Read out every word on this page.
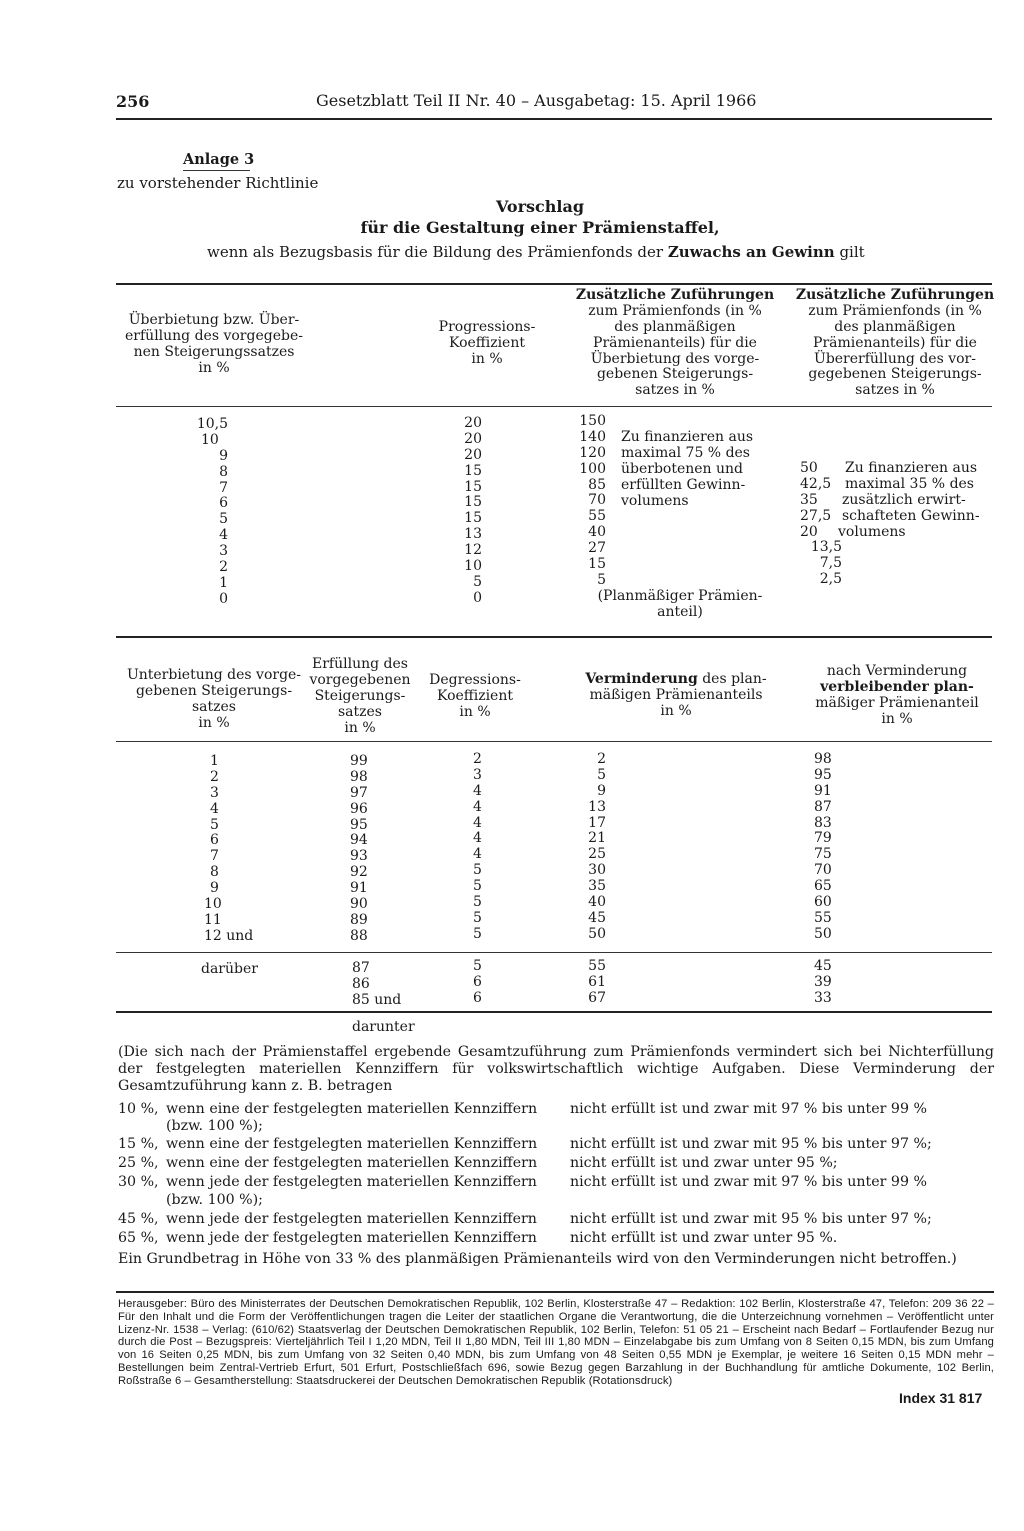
256	Gesetzblatt Teil II Nr. 40 – Ausgabetag: 15. April 1966
Anlage 3
zu vorstehender Richtlinie
Vorschlag
für die Gestaltung einer Prämienstaffel,
wenn als Bezugsbasis für die Bildung des Prämienfonds der Zuwachs an Gewinn gilt
Überbietung bzw. Über-
erfüllung des vorgegebe-
nen Steigerungssatzes
in %
Progressions-
Koeffizient
in %
Zusätzliche Zuführungen
zum Prämienfonds (in %
des planmäßigen
Prämienanteils) für die
Überbietung des vorge-
gebenen Steigerungs-
satzes in %
Zusätzliche Zuführungen
zum Prämienfonds (in %
des planmäßigen
Prämienanteils) für die
Übererfüllung des vor-
gegebenen Steigerungs-
satzes in %
10,5
10
9
8
7
6
5
4
3
2
1
0
20
20
20
15
15
15
15
13
12
10
5
0
150
140
120
100
85
70
55
40
27
15
5
Zu finanzieren aus
maximal 75 % des
überbotenen und
erfüllten Gewinn-
volumens
(Planmäßiger Prämien-
anteil)
50
42,5
35
27,5
20
13,5
7,5
2,5
Zu finanzieren aus
maximal 35 % des
zusätzlich erwirt-
schafteten Gewinn-
volumens
Unterbietung des vorge-
gebenen Steigerungs-
satzes
in %
Erfüllung des
vorgegebenen
Steigerungs-
satzes
in %
Degressions-
Koeffizient
in %
Verminderung des plan-
mäßigen Prämienanteils
in %
nach Verminderung
verbleibender plan-
mäßiger Prämienanteil
in %
1
2
3
4
5
6
7
8
9
10
11
12 und
99
98
97
96
95
94
93
92
91
90
89
88
2
3
4
4
4
4
4
5
5
5
5
5
2
5
9
13
17
21
25
30
35
40
45
50
98
95
91
87
83
79
75
70
65
60
55
50
darüber	87
86
85 und
5
6
6
55
61
67
45
39
33
darunter
(Die sich nach der Prämienstaffel ergebende Gesamtzuführung zum Prämienfonds vermindert sich bei Nichterfüllung der festgelegten materiellen Kennziffern für volkswirtschaftlich wichtige Aufgaben. Diese Verminderung der Gesamtzuführung kann z. B. betragen
10 %, wenn eine der festgelegten materiellen Kennziffern nicht erfüllt ist und zwar mit 97 % bis unter 99 %
(bzw. 100 %);
15 %, wenn eine der festgelegten materiellen Kennziffern nicht erfüllt ist und zwar mit 95 % bis unter 97 %;
25 %, wenn eine der festgelegten materiellen Kennziffern nicht erfüllt ist und zwar unter 95 %;
30 %, wenn jede der festgelegten materiellen Kennziffern nicht erfüllt ist und zwar mit 97 % bis unter 99 %
(bzw. 100 %);
45 %, wenn jede der festgelegten materiellen Kennziffern nicht erfüllt ist und zwar mit 95 % bis unter 97 %;
65 %, wenn jede der festgelegten materiellen Kennziffern nicht erfüllt ist und zwar unter 95 %.
Ein Grundbetrag in Höhe von 33 % des planmäßigen Prämienanteils wird von den Verminderungen nicht betroffen.)
Herausgeber: Büro des Ministerrates der Deutschen Demokratischen Republik, 102 Berlin, Klosterstraße 47 – Redaktion: 102 Berlin, Klosterstraße 47, Telefon: 209 36 22 – Für den Inhalt und die Form der Veröffentlichungen tragen die Leiter der staatlichen Organe die Verantwortung, die die Unterzeichnung vornehmen – Veröffentlicht unter Lizenz-Nr. 1538 – Verlag: (610/62) Staatsverlag der Deutschen Demokratischen Republik, 102 Berlin, Telefon: 51 05 21 – Erscheint nach Bedarf – Fortlaufender Bezug nur durch die Post – Bezugspreis: Vierteljährlich Teil I 1,20 MDN, Teil II 1,80 MDN, Teil III 1,80 MDN – Einzelabgabe bis zum Umfang von 8 Seiten 0,15 MDN, bis zum Umfang von 16 Seiten 0,25 MDN, bis zum Umfang von 32 Seiten 0,40 MDN, bis zum Umfang von 48 Seiten 0,55 MDN je Exemplar, je weitere 16 Seiten 0,15 MDN mehr – Bestellungen beim Zentral-Vertrieb Erfurt, 501 Erfurt, Postschließfach 696, sowie Bezug gegen Barzahlung in der Buchhandlung für amtliche Dokumente, 102 Berlin, Roßstraße 6 – Gesamtherstellung: Staatsdruckerei der Deutschen Demokratischen Republik (Rotationsdruck)
Index 31 817
